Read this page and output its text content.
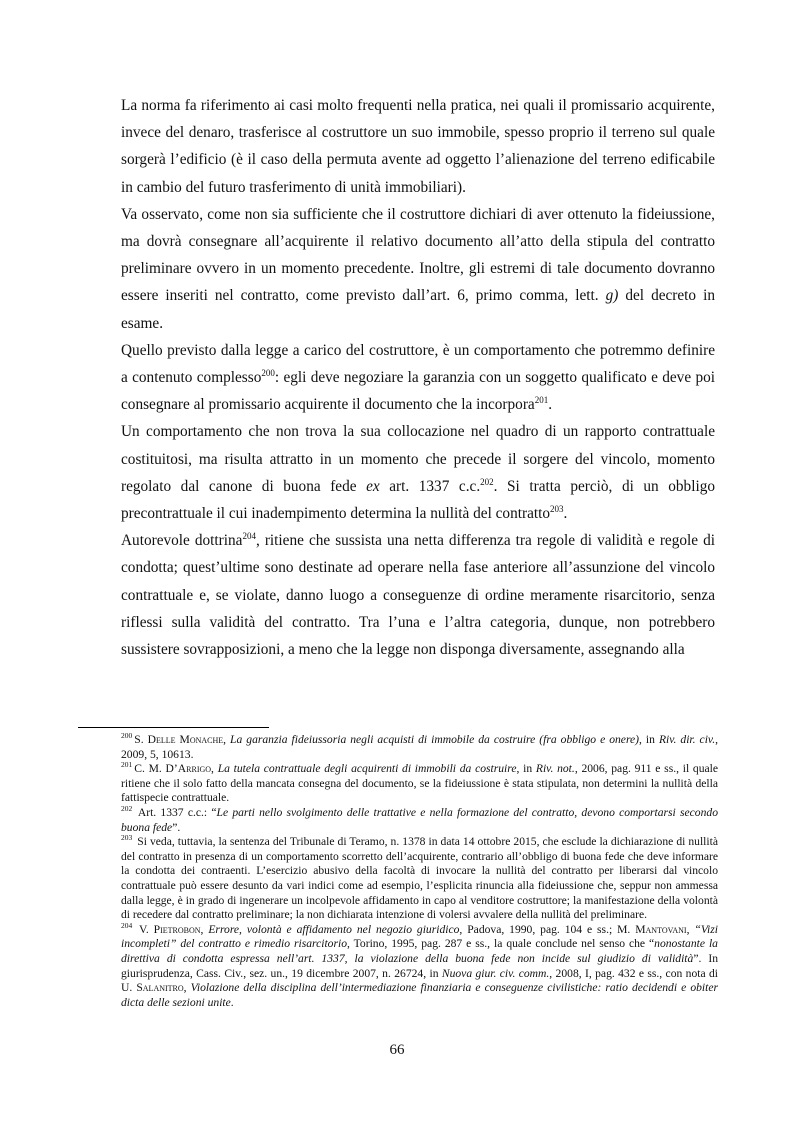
La norma fa riferimento ai casi molto frequenti nella pratica, nei quali il promissario acquirente, invece del denaro, trasferisce al costruttore un suo immobile, spesso proprio il terreno sul quale sorgerà l’edificio (è il caso della permuta avente ad oggetto l’alienazione del terreno edificabile in cambio del futuro trasferimento di unità immobiliari).

Va osservato, come non sia sufficiente che il costruttore dichiari di aver ottenuto la fideiussione, ma dovrà consegnare all’acquirente il relativo documento all’atto della stipula del contratto preliminare ovvero in un momento precedente. Inoltre, gli estremi di tale documento dovranno essere inseriti nel contratto, come previsto dall’art. 6, primo comma, lett. g) del decreto in esame.

Quello previsto dalla legge a carico del costruttore, è un comportamento che potremmo definire a contenuto complesso$^{200}$: egli deve negoziare la garanzia con un soggetto qualificato e deve poi consegnare al promissario acquirente il documento che la incorpora$^{201}$.

Un comportamento che non trova la sua collocazione nel quadro di un rapporto contrattuale costituitosi, ma risulta attratto in un momento che precede il sorgere del vincolo, momento regolato dal canone di buona fede ex art. 1337 c.c.$^{202}$. Si tratta perciò, di un obbligo precontrattuale il cui inadempimento determina la nullità del contratto$^{203}$.

Autorevole dottrina$^{204}$, ritiene che sussista una netta differenza tra regole di validità e regole di condotta; quest’ultime sono destinate ad operare nella fase anteriore all’assunzione del vincolo contrattuale e, se violate, danno luogo a conseguenze di ordine meramente risarcitorio, senza riflessi sulla validità del contratto. Tra l’una e l’altra categoria, dunque, non potrebbero sussistere sovrapposizioni, a meno che la legge non disponga diversamente, assegnando alla

$^{200}$ S. Delle Monache, La garanzia fideiussoria negli acquisti di immobile da costruire (fra obbligo e onere), in Riv. dir. civ., 2009, 5, 10613.

$^{201}$ C. M. D’Arrigo, La tutela contrattuale degli acquirenti di immobili da costruire, in Riv. not., 2006, pag. 911 e ss., il quale ritiene che il solo fatto della mancata consegna del documento, se la fideiussione è stata stipulata, non determini la nullità della fattispecie contrattuale.

$^{202}$ Art. 1337 c.c.: “Le parti nello svolgimento delle trattative e nella formazione del contratto, devono comportarsi secondo buona fede”.

$^{203}$ Si veda, tuttavia, la sentenza del Tribunale di Teramo, n. 1378 in data 14 ottobre 2015, che esclude la dichiarazione di nullità del contratto in presenza di un comportamento scorretto dell’acquirente, contrario all’obbligo di buona fede che deve informare la condotta dei contraenti. L’esercizio abusivo della facoltà di invocare la nullità del contratto per liberarsi dal vincolo contrattuale può essere desunto da vari indici come ad esempio, l’esplicita rinuncia alla fideiussione che, seppur non ammessa dalla legge, è in grado di ingenerare un incolpevole affidamento in capo al venditore costruttore; la manifestazione della volontà di recedere dal contratto preliminare; la non dichiarata intenzione di volersi avvalere della nullità del preliminare.

$^{204}$ V. Pietrobon, Errore, volontà e affidamento nel negozio giuridico, Padova, 1990, pag. 104 e ss.; M. Mantovani, “Vizi incompleti” del contratto e rimedio risarcitorio, Torino, 1995, pag. 287 e ss., la quale conclude nel senso che “nonostante la direttiva di condotta espressa nell’art. 1337, la violazione della buona fede non incide sul giudizio di validità”. In giurisprudenza, Cass. Civ., sez. un., 19 dicembre 2007, n. 26724, in Nuova giur. civ. comm., 2008, I, pag. 432 e ss., con nota di U. Salanitro, Violazione della disciplina dell’intermediazione finanziaria e conseguenze civilistiche: ratio decidendi e obiter dicta delle sezioni unite.

66
